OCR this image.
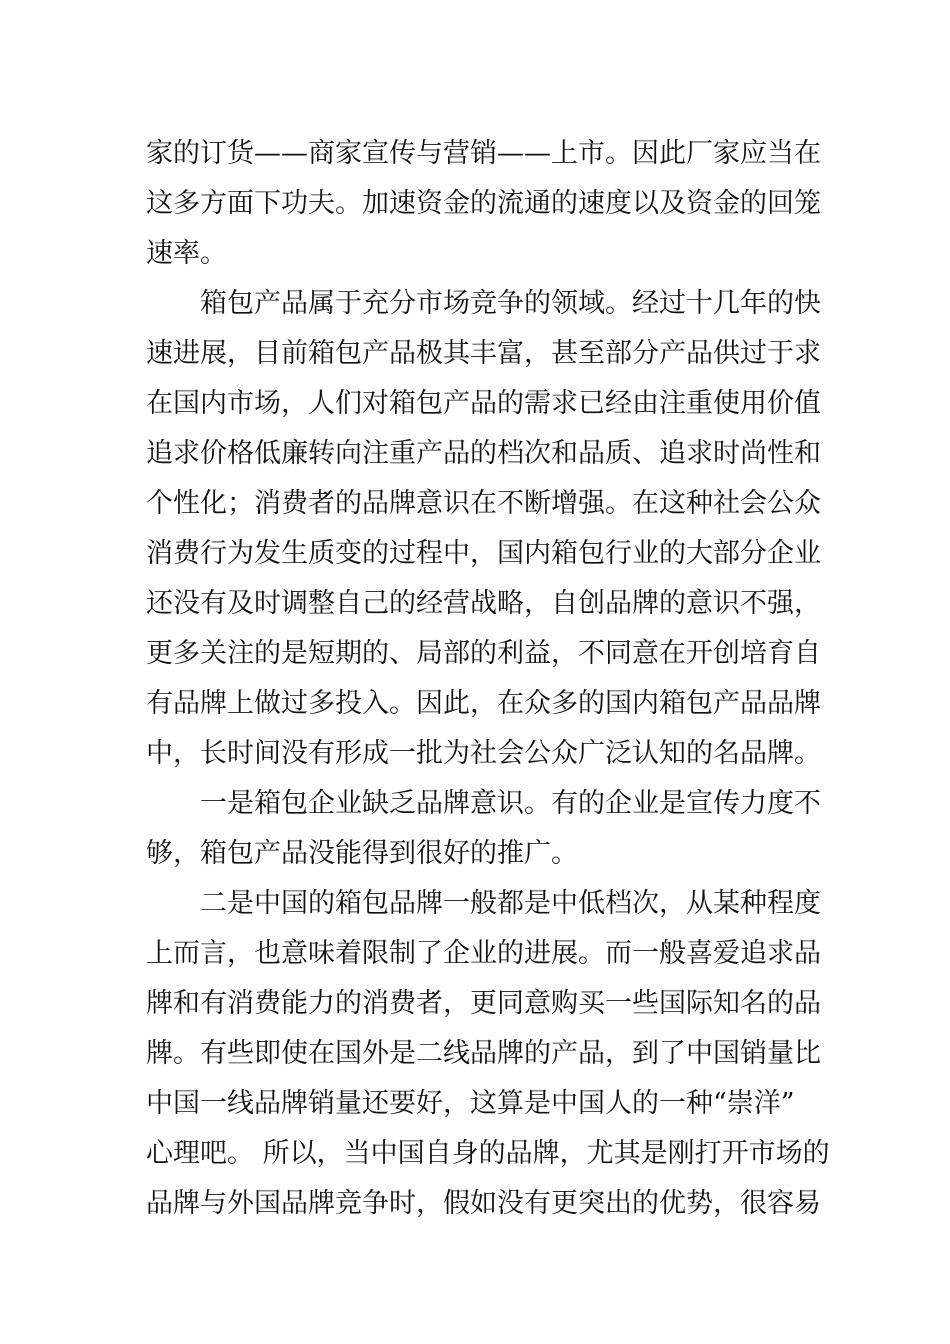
家的订货——商家宣传与营销——上市。因此厂家应当在
这多方面下功夫。加速资金的流通的速度以及资金的回笼
速率。
箱包产品属于充分市场竞争的领域。经过十几年的快
速进展，目前箱包产品极其丰富，甚至部分产品供过于求
在国内市场，人们对箱包产品的需求已经由注重使用价值
追求价格低廉转向注重产品的档次和品质、追求时尚性和
个性化；消费者的品牌意识在不断增强。在这种社会公众
消费行为发生质变的过程中，国内箱包行业的大部分企业
还没有及时调整自己的经营战略，自创品牌的意识不强，
更多关注的是短期的、局部的利益，不同意在开创培育自
有品牌上做过多投入。因此，在众多的国内箱包产品品牌
中，长时间没有形成一批为社会公众广泛认知的名品牌。
一是箱包企业缺乏品牌意识。有的企业是宣传力度不
够，箱包产品没能得到很好的推广。
二是中国的箱包品牌一般都是中低档次，从某种程度
上而言，也意味着限制了企业的进展。而一般喜爱追求品
牌和有消费能力的消费者，更同意购买一些国际知名的品
牌。有些即使在国外是二线品牌的产品，到了中国销量比
中国一线品牌销量还要好，这算是中国人的一种“崇洋”
心理吧。 所以，当中国自身的品牌，尤其是刚打开市场的
品牌与外国品牌竞争时，假如没有更突出的优势，很容易
